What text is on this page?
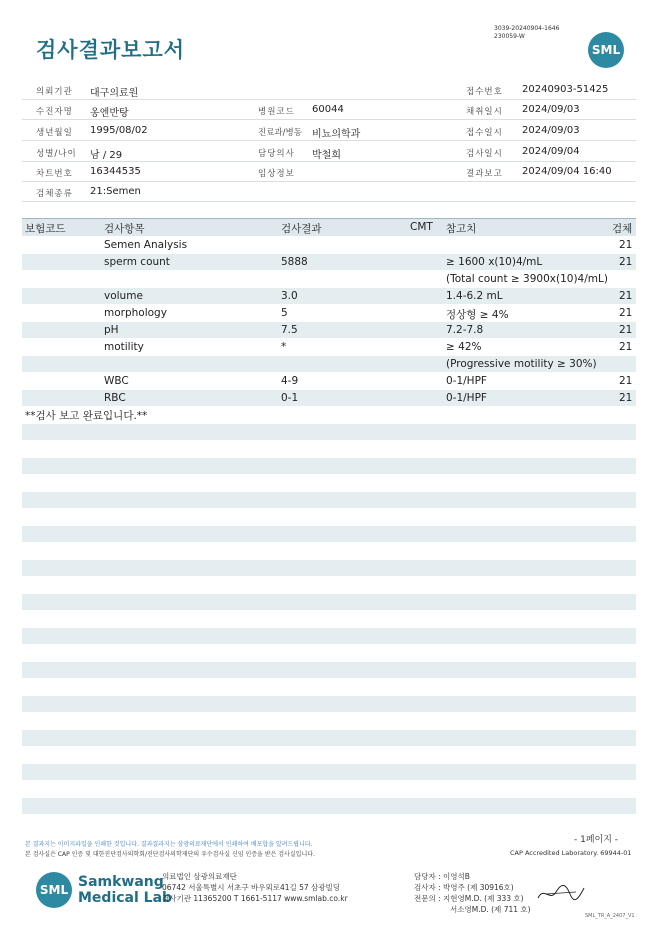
검사결과보고서
3039-20240904-1646
230059-W
SML
의뢰기관 대구의료원	접수번호 20240903-51425
수진자명 옹엔반탕	병원코드 60044	채취일시 2024/09/03
생년월일 1995/08/02	진료과/병동 비뇨의학과	접수일시 2024/09/03
성별/나이 남 / 29	담당의사 박철희	검사일시 2024/09/04
차트번호 16344535	임상정보	결과보고 2024/09/04 16:40
검체종류 21:Semen
보험코드	검사항목	검사결과	CMT 참고치	검체
Semen Analysis	21
sperm count	5888	≥ 1600 x(10)4/mL	21
(Total count ≥ 3900x(10)4/mL)
volume	3.0	1.4-6.2 mL	21
morphology	5	정상형 ≥ 4%	21
pH	7.5	7.2-7.8	21
motility	*	≥ 42%	21
(Progressive motility ≥ 30%)
WBC	4-9	0-1/HPF	21
RBC	0-1	0-1/HPF	21
**검사 보고 완료입니다.**
- 1페이지 -
본 결과지는 이미지파일을 인쇄한 것입니다. 결과결과지는 삼광의료재단에서 인쇄하여 배포합을 알려드립니다.
본 검사실은 CAP 인증 및 대한진단검사의학회/진단검사의학재단의 우수검사실 신임 인증을 받은 검사실입니다.	CAP Accredited Laboratory. 69944-01
SML Samkwang
Medical Lab
의료법인 삼광의료재단
06742 서울특별시 서초구 바우뫼로41길 57 삼광빌딩
검사기관 11365200 T 1661-5117 www.smlab.co.kr
담당자 : 이영석B
검사자 : 박영주 (제 30916호)
전문의 : 지현영M.D. (제 333 호)
서소영M.D. (제 711 호)
SML_TR_A_2407_V1
